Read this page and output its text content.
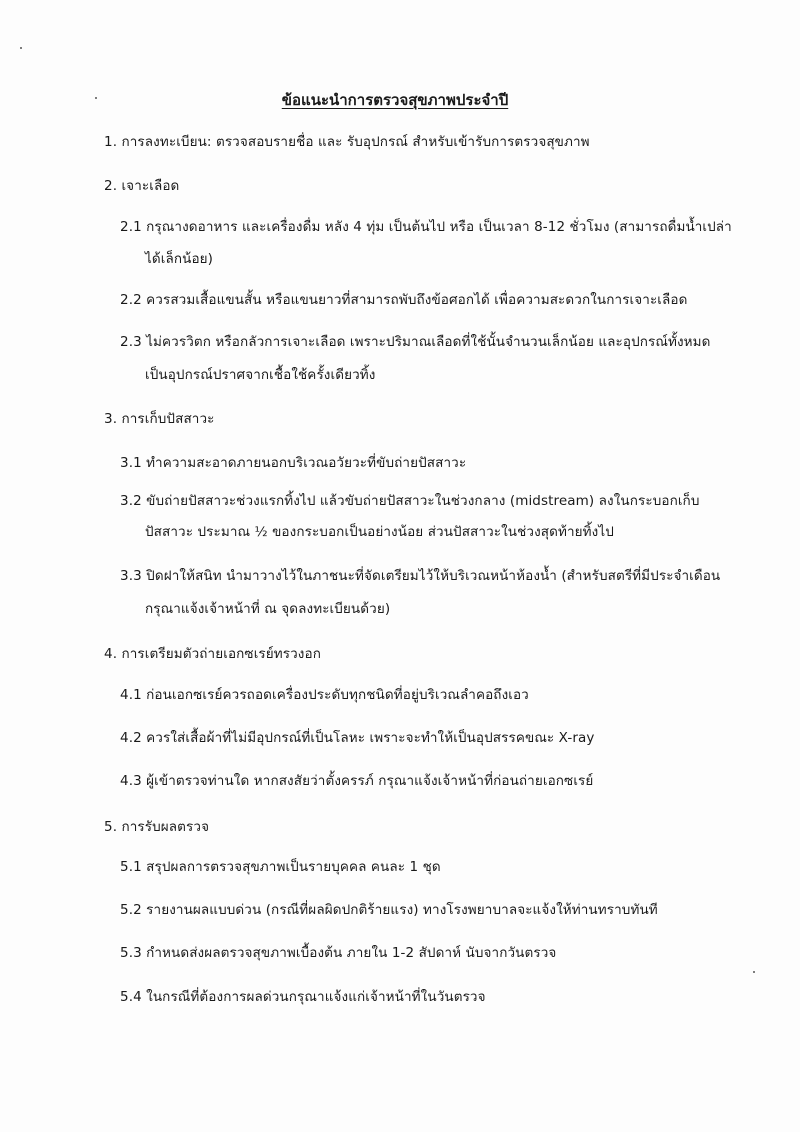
ข้อแนะนำการตรวจสุขภาพประจำปี
1. การลงทะเบียน: ตรวจสอบรายชื่อ และ รับอุปกรณ์ สำหรับเข้ารับการตรวจสุขภาพ
2. เจาะเลือด
2.1 กรุณางดอาหาร และเครื่องดื่ม หลัง 4 ทุ่ม เป็นต้นไป หรือ เป็นเวลา 8-12 ชั่วโมง (สามารถดื่มน้ำเปล่า
ได้เล็กน้อย)
2.2 ควรสวมเสื้อแขนสั้น หรือแขนยาวที่สามารถพับถึงข้อศอกได้ เพื่อความสะดวกในการเจาะเลือด
2.3 ไม่ควรวิตก หรือกลัวการเจาะเลือด เพราะปริมาณเลือดที่ใช้นั้นจำนวนเล็กน้อย และอุปกรณ์ทั้งหมด
เป็นอุปกรณ์ปราศจากเชื้อใช้ครั้งเดียวทิ้ง
3. การเก็บปัสสาวะ
3.1 ทำความสะอาดภายนอกบริเวณอวัยวะที่ขับถ่ายปัสสาวะ
3.2 ขับถ่ายปัสสาวะช่วงแรกทิ้งไป แล้วขับถ่ายปัสสาวะในช่วงกลาง (midstream) ลงในกระบอกเก็บ
ปัสสาวะ ประมาณ ½ ของกระบอกเป็นอย่างน้อย ส่วนปัสสาวะในช่วงสุดท้ายทิ้งไป
3.3 ปิดฝาให้สนิท นำมาวางไว้ในภาชนะที่จัดเตรียมไว้ให้บริเวณหน้าห้องน้ำ (สำหรับสตรีที่มีประจำเดือน
กรุณาแจ้งเจ้าหน้าที่ ณ จุดลงทะเบียนด้วย)
4. การเตรียมตัวถ่ายเอกซเรย์ทรวงอก
4.1 ก่อนเอกซเรย์ควรถอดเครื่องประดับทุกชนิดที่อยู่บริเวณลำคอถึงเอว
4.2 ควรใส่เสื้อผ้าที่ไม่มีอุปกรณ์ที่เป็นโลหะ เพราะจะทำให้เป็นอุปสรรคขณะ X-ray
4.3 ผู้เข้าตรวจท่านใด หากสงสัยว่าตั้งครรภ์ กรุณาแจ้งเจ้าหน้าที่ก่อนถ่ายเอกซเรย์
5. การรับผลตรวจ
5.1 สรุปผลการตรวจสุขภาพเป็นรายบุคคล คนละ 1 ชุด
5.2 รายงานผลแบบด่วน (กรณีที่ผลผิดปกติร้ายแรง) ทางโรงพยาบาลจะแจ้งให้ท่านทราบทันที
5.3 กำหนดส่งผลตรวจสุขภาพเบื้องต้น ภายใน 1-2 สัปดาห์ นับจากวันตรวจ
5.4 ในกรณีที่ต้องการผลด่วนกรุณาแจ้งแก่เจ้าหน้าที่ในวันตรวจ
